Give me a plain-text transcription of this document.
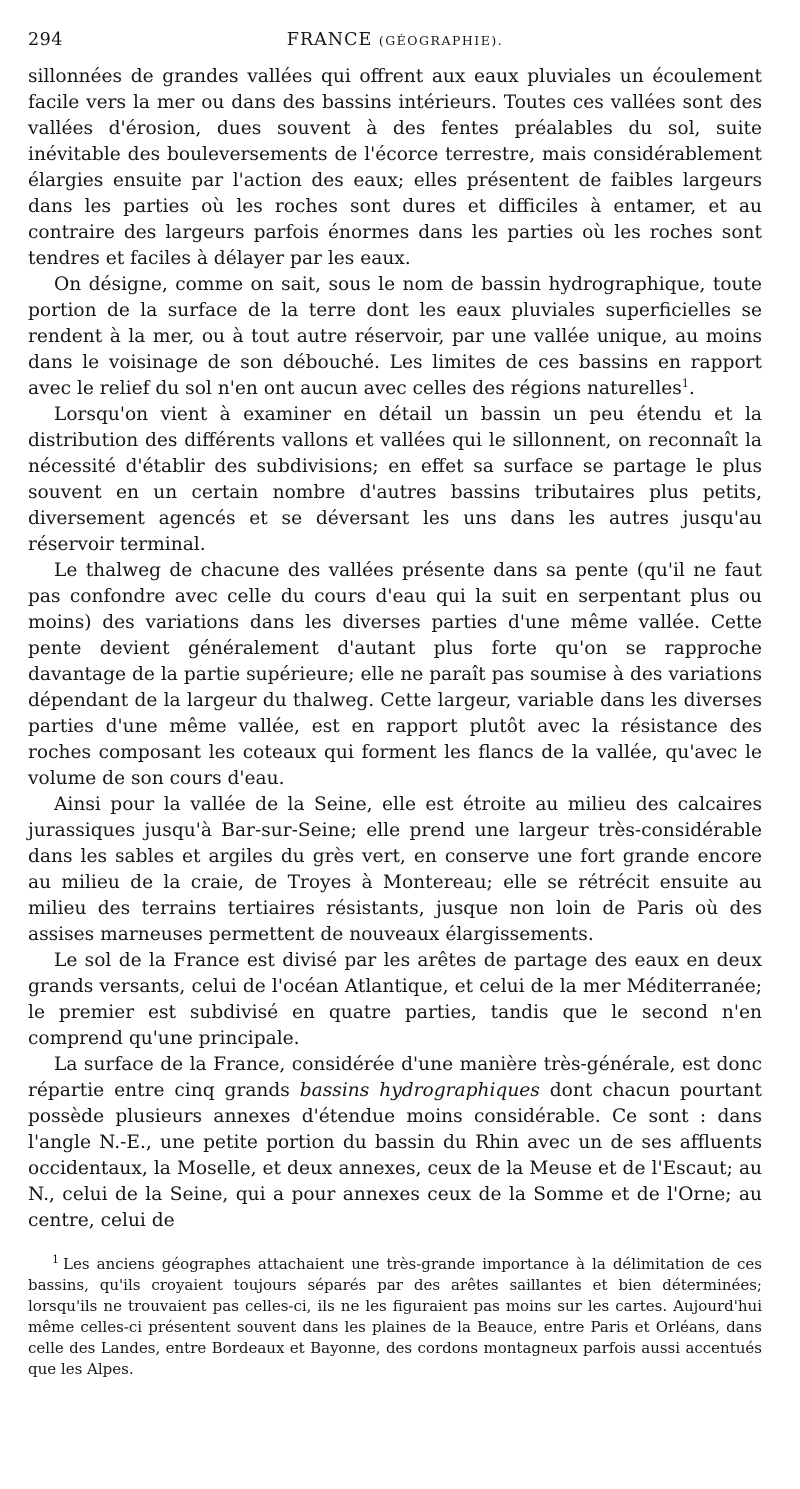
294	FRANCE (GÉOGRAPHIE).

sillonnées de grandes vallées qui offrent aux eaux pluviales un écoulement facile vers la mer ou dans des bassins intérieurs. Toutes ces vallées sont des vallées d'érosion, dues souvent à des fentes préalables du sol, suite inévitable des bouleversements de l'écorce terrestre, mais considérablement élargies ensuite par l'action des eaux; elles présentent de faibles largeurs dans les parties où les roches sont dures et difficiles à entamer, et au contraire des largeurs parfois énormes dans les parties où les roches sont tendres et faciles à délayer par les eaux.

On désigne, comme on sait, sous le nom de bassin hydrographique, toute portion de la surface de la terre dont les eaux pluviales superficielles se rendent à la mer, ou à tout autre réservoir, par une vallée unique, au moins dans le voisinage de son débouché. Les limites de ces bassins en rapport avec le relief du sol n'en ont aucun avec celles des régions naturelles$^1$.

Lorsqu'on vient à examiner en détail un bassin un peu étendu et la distribution des différents vallons et vallées qui le sillonnent, on reconnaît la nécessité d'établir des subdivisions; en effet sa surface se partage le plus souvent en un certain nombre d'autres bassins tributaires plus petits, diversement agencés et se déversant les uns dans les autres jusqu'au réservoir terminal.

Le thalweg de chacune des vallées présente dans sa pente (qu'il ne faut pas confondre avec celle du cours d'eau qui la suit en serpentant plus ou moins) des variations dans les diverses parties d'une même vallée. Cette pente devient généralement d'autant plus forte qu'on se rapproche davantage de la partie supérieure; elle ne paraît pas soumise à des variations dépendant de la largeur du thalweg. Cette largeur, variable dans les diverses parties d'une même vallée, est en rapport plutôt avec la résistance des roches composant les coteaux qui forment les flancs de la vallée, qu'avec le volume de son cours d'eau.

Ainsi pour la vallée de la Seine, elle est étroite au milieu des calcaires jurassiques jusqu'à Bar-sur-Seine; elle prend une largeur très-considérable dans les sables et argiles du grès vert, en conserve une fort grande encore au milieu de la craie, de Troyes à Montereau; elle se rétrécit ensuite au milieu des terrains tertiaires résistants, jusque non loin de Paris où des assises marneuses permettent de nouveaux élargissements.

Le sol de la France est divisé par les arêtes de partage des eaux en deux grands versants, celui de l'océan Atlantique, et celui de la mer Méditerranée; le premier est subdivisé en quatre parties, tandis que le second n'en comprend qu'une principale.

La surface de la France, considérée d'une manière très-générale, est donc répartie entre cinq grands bassins hydrographiques dont chacun pourtant possède plusieurs annexes d'étendue moins considérable. Ce sont : dans l'angle N.-E., une petite portion du bassin du Rhin avec un de ses affluents occidentaux, la Moselle, et deux annexes, ceux de la Meuse et de l'Escaut; au N., celui de la Seine, qui a pour annexes ceux de la Somme et de l'Orne; au centre, celui de

$^1$ Les anciens géographes attachaient une très-grande importance à la délimitation de ces bassins, qu'ils croyaient toujours séparés par des arêtes saillantes et bien déterminées; lorsqu'ils ne trouvaient pas celles-ci, ils ne les figuraient pas moins sur les cartes. Aujourd'hui même celles-ci présentent souvent dans les plaines de la Beauce, entre Paris et Orléans, dans celle des Landes, entre Bordeaux et Bayonne, des cordons montagneux parfois aussi accentués que les Alpes.
